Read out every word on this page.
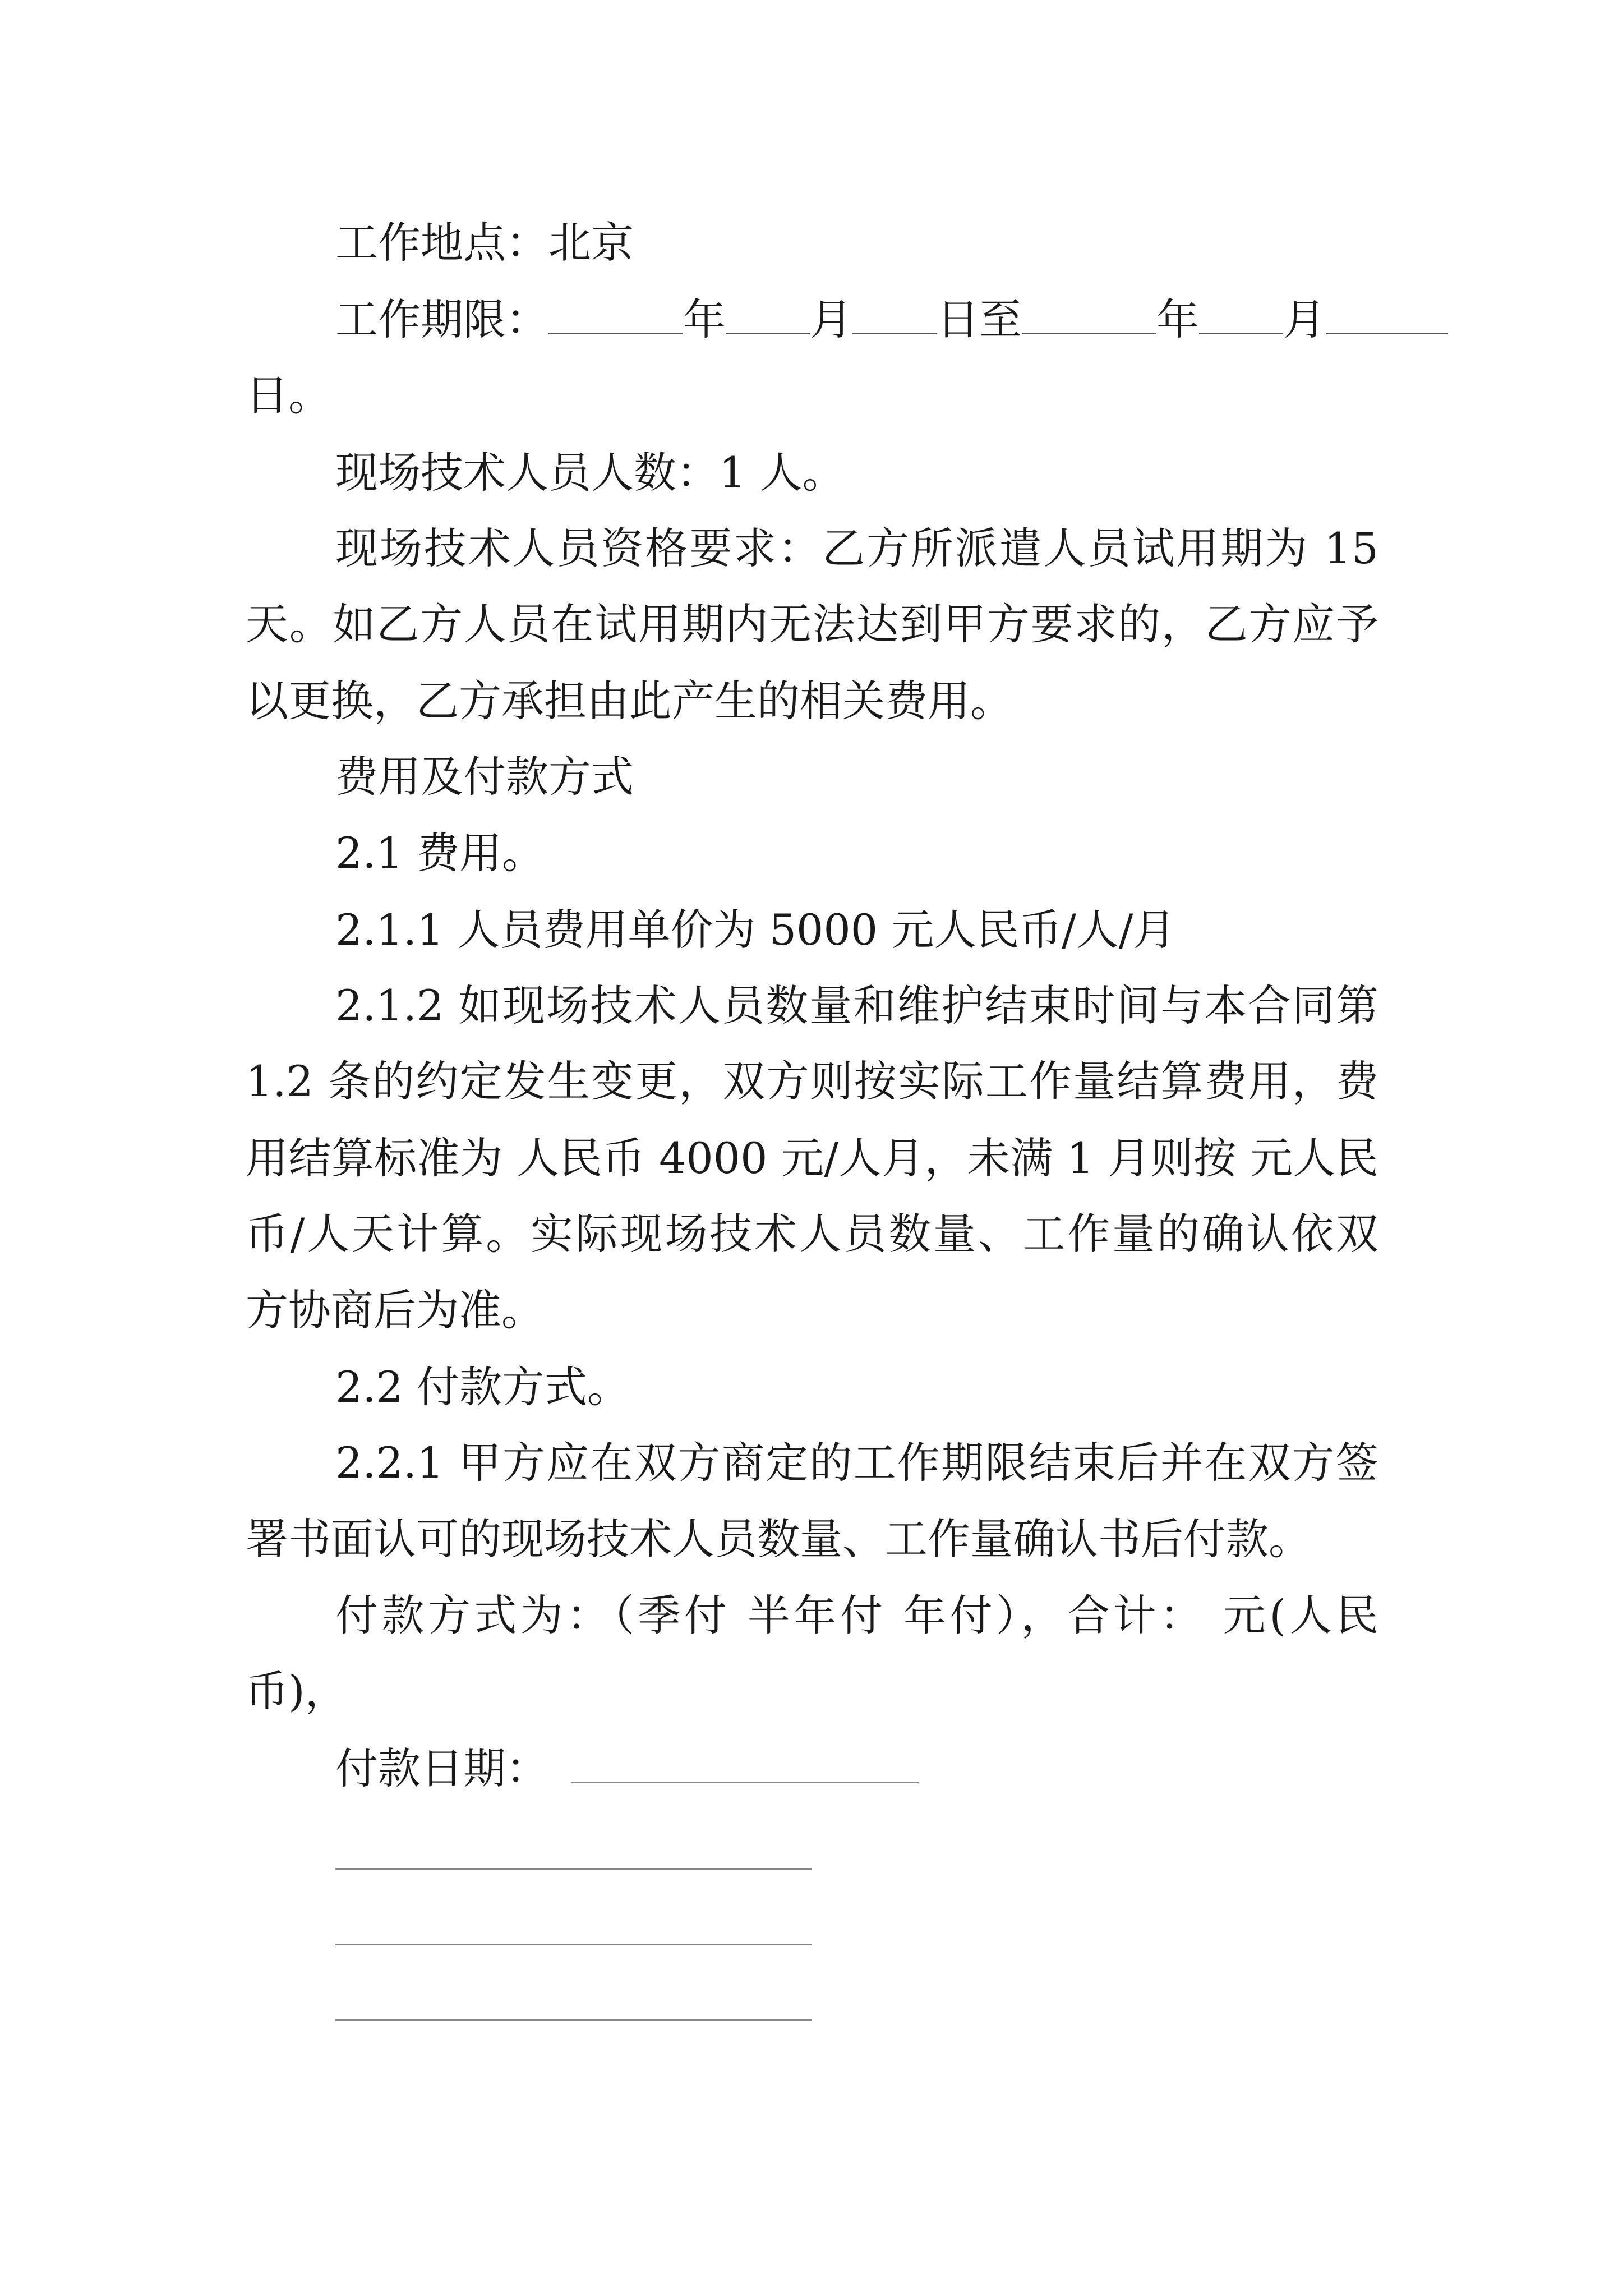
工作地点：北京
工作期限：	年 月 日至	年 月
日。
现场技术人员人数：1 人。
现场技术人员资格要求：乙方所派遣人员试用期为 15
天。如乙方人员在试用期内无法达到甲方要求的，乙方应予
以更换，乙方承担由此产生的相关费用。
费用及付款方式
2.1 费用。
2.1.1 人员费用单价为 5000 元人民币/人/月
2.1.2 如现场技术人员数量和维护结束时间与本合同第
1.2 条的约定发生变更，双方则按实际工作量结算费用，费
用结算标准为 人民币 4000 元/人月，未满 1 月则按 元人民
币/人天计算。实际现场技术人员数量、工作量的确认依双
方协商后为准。
2.2 付款方式。
2.2.1 甲方应在双方商定的工作期限结束后并在双方签
署书面认可的现场技术人员数量、工作量确认书后付款。
付款方式为：（季付 半年付 年付），合计： 元(人民
币)，
付款日期：
